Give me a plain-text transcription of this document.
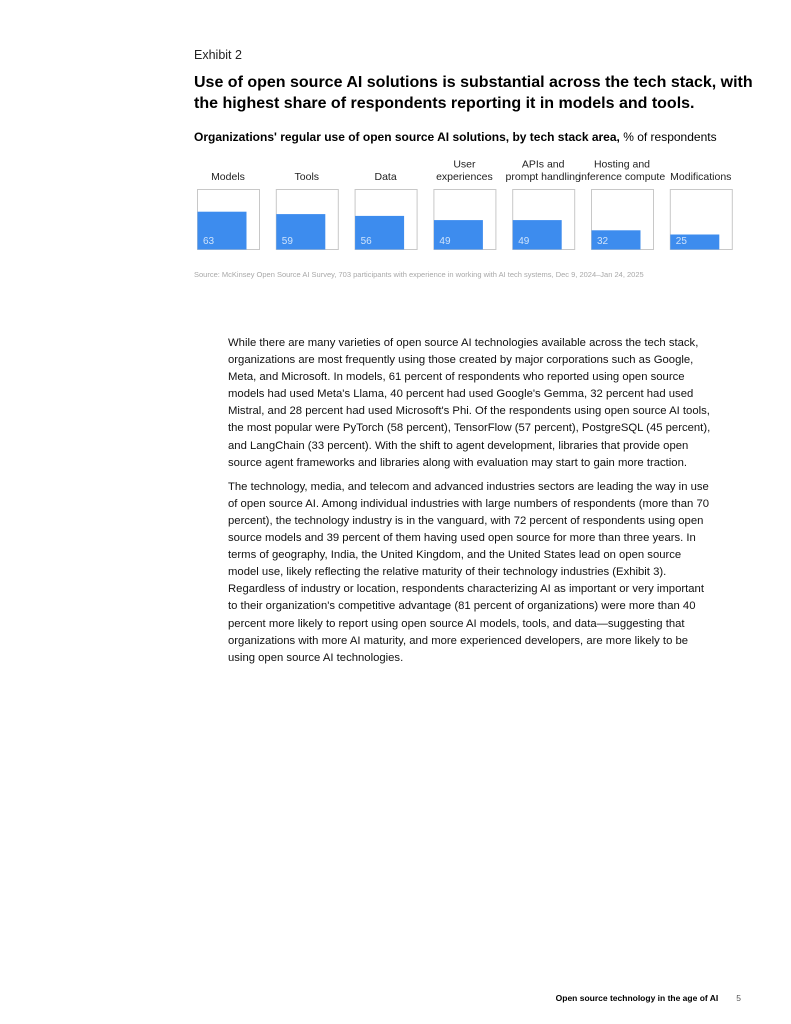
Exhibit 2
Use of open source AI solutions is substantial across the tech stack, with the highest share of respondents reporting it in models and tools.
Organizations' regular use of open source AI solutions, by tech stack area, % of respondents
Models
63
Tools
59
Data
56
User
experiences
49
APIs and
prompt handling
49
Hosting and
inference compute
32
Modifications
25
Source: McKinsey Open Source AI Survey, 703 participants with experience in working with AI tech systems, Dec 9, 2024–Jan 24, 2025

While there are many varieties of open source AI technologies available across the tech stack, organizations are most frequently using those created by major corporations such as Google, Meta, and Microsoft. In models, 61 percent of respondents who reported using open source models had used Meta's Llama, 40 percent had used Google's Gemma, 32 percent had used Mistral, and 28 percent had used Microsoft's Phi. Of the respondents using open source AI tools, the most popular were PyTorch (58 percent), TensorFlow (57 percent), PostgreSQL (45 percent), and LangChain (33 percent). With the shift to agent development, libraries that provide open source agent frameworks and libraries along with evaluation may start to gain more traction.

The technology, media, and telecom and advanced industries sectors are leading the way in use of open source AI. Among individual industries with large numbers of respondents (more than 70 percent), the technology industry is in the vanguard, with 72 percent of respondents using open source models and 39 percent of them having used open source for more than three years. In terms of geography, India, the United Kingdom, and the United States lead on open source model use, likely reflecting the relative maturity of their technology industries (Exhibit 3). Regardless of industry or location, respondents characterizing AI as important or very important to their organization's competitive advantage (81 percent of organizations) were more than 40 percent more likely to report using open source AI models, tools, and data—suggesting that organizations with more AI maturity, and more experienced developers, are more likely to be using open source AI technologies.

Open source technology in the age of AI 5
